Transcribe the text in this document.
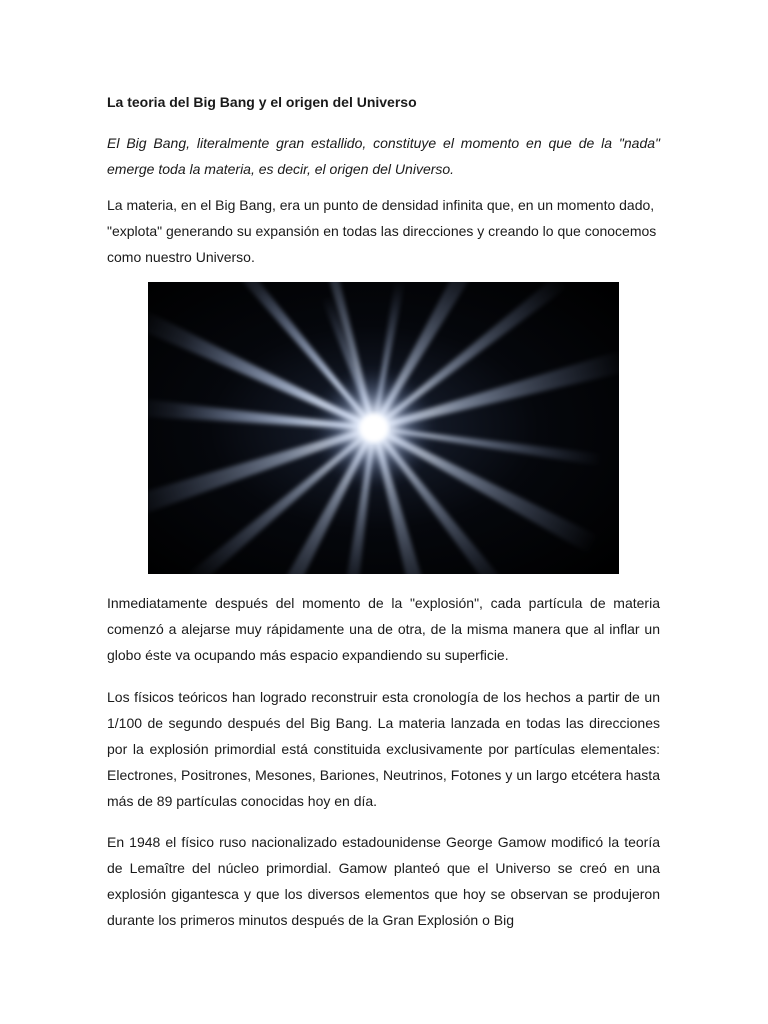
La teoria del Big Bang y el origen del Universo

El Big Bang, literalmente gran estallido, constituye el momento en que de la "nada" emerge toda la materia, es decir, el origen del Universo.

La materia, en el Big Bang, era un punto de densidad infinita que, en un momento dado, "explota" generando su expansión en todas las direcciones y creando lo que conocemos como nuestro Universo.

Inmediatamente después del momento de la "explosión", cada partícula de materia comenzó a alejarse muy rápidamente una de otra, de la misma manera que al inflar un globo éste va ocupando más espacio expandiendo su superficie.

Los físicos teóricos han logrado reconstruir esta cronología de los hechos a partir de un 1/100 de segundo después del Big Bang. La materia lanzada en todas las direcciones por la explosión primordial está constituida exclusivamente por partículas elementales: Electrones, Positrones, Mesones, Bariones, Neutrinos, Fotones y un largo etcétera hasta más de 89 partículas conocidas hoy en día.

En 1948 el físico ruso nacionalizado estadounidense George Gamow modificó la teoría de Lemaître del núcleo primordial. Gamow planteó que el Universo se creó en una explosión gigantesca y que los diversos elementos que hoy se observan se produjeron durante los primeros minutos después de la Gran Explosión o Big
